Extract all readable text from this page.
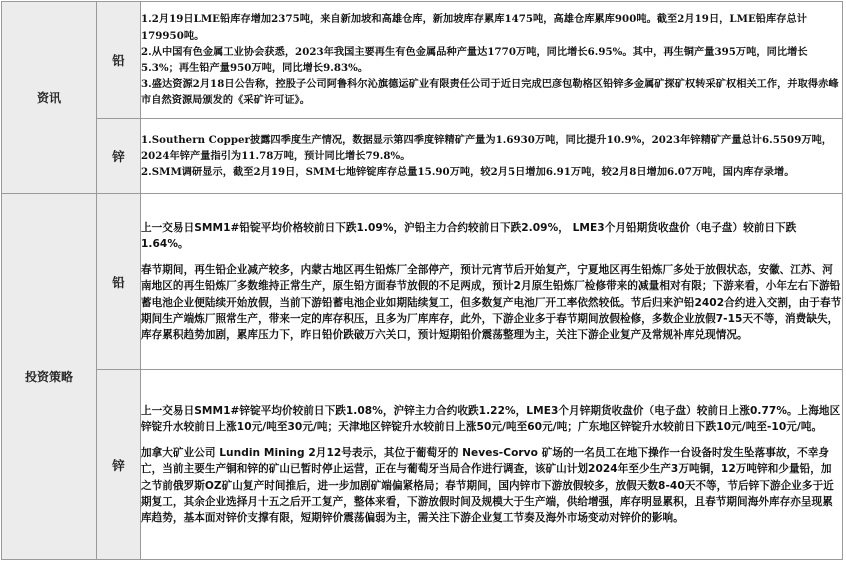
资讯	铅	1.2月19日LME铅库存增加2375吨，来自新加坡和高雄仓库，新加坡库存累库1475吨，高雄仓库累库900吨。截至2月19日，LME铅库存总计179950吨。

2.从中国有色金属工业协会获悉，2023年我国主要再生有色金属品种产量达1770万吨，同比增长6.95%。其中，再生铜产量395万吨，同比增长5.3%；再生铅产量950万吨，同比增长9.83%。

3.盛达资源2月18日公告称，控股子公司阿鲁科尔沁旗德运矿业有限责任公司于近日完成巴彦包勒格区铅锌多金属矿探矿权转采矿权相关工作，并取得赤峰市自然资源局颁发的《采矿许可证》。

	锌	1.Southern Copper披露四季度生产情况，数据显示第四季度锌精矿产量为1.6930万吨，同比提升10.9%，2023年锌精矿产量总计6.5509万吨，2024年锌产量指引为11.78万吨，预计同比增长79.8%。

2.SMM调研显示，截至2月19日，SMM七地锌锭库存总量15.90万吨，较2月5日增加6.91万吨，较2月8日增加6.07万吨，国内库存录增。

投资策略	铅	上一交易日SMM1#铅锭平均价格较前日下跌1.09%，沪铅主力合约较前日下跌2.09%， LME3个月铅期货收盘价（电子盘）较前日下跌1.64%。

春节期间，再生铅企业减产较多，内蒙古地区再生铅炼厂全部停产，预计元宵节后开始复产，宁夏地区再生铅炼厂多处于放假状态，安徽、江苏、河南地区的再生铅炼厂多数维持正常生产，原生铅方面春节放假的不足两成，预计2月原生铅炼厂检修带来的减量相对有限；下游来看，小年左右下游铅蓄电池企业便陆续开始放假，当前下游铅蓄电池企业如期陆续复工，但多数复产电池厂开工率依然较低。节后归来沪铅2402合约进入交割，由于春节期间生产端炼厂照常生产，带来一定的库存积压，且多为厂库库存，此外，下游企业多于春节期间放假检修，多数企业放假7-15天不等，消费缺失，库存累积趋势加剧，累库压力下，昨日铅价跌破万六关口，预计短期铅价震荡整理为主，关注下游企业复产及常规补库兑现情况。

	锌	上一交易日SMM1#锌锭平均价较前日下跌1.08%，沪锌主力合约收跌1.22%，LME3个月锌期货收盘价（电子盘）较前日上涨0.77%。上海地区锌锭升水较前日上涨10元/吨至30元/吨；天津地区锌锭升水较前日上涨50元/吨至60元/吨；广东地区锌锭升水较前日下跌10元/吨至-10元/吨。

加拿大矿业公司 Lundin Mining 2月12号表示，其位于葡萄牙的 Neves-Corvo 矿场的一名员工在地下操作一台设备时发生坠落事故，不幸身亡，当前主要生产铜和锌的矿山已暂时停止运营，正在与葡萄牙当局合作进行调查，该矿山计划2024年至少生产3万吨铜，12万吨锌和少量铅，加之节前俄罗斯OZ矿山复产时间推后，进一步加剧矿端偏紧格局；春节期间，国内锌市下游放假较多，放假天数8-40天不等，节后锌下游企业多于近期复工，其余企业选择月十五之后开工复产，整体来看，下游放假时间及规模大于生产端，供给增强，库存明显累积，且春节期间海外库存亦呈现累库趋势，基本面对锌价支撑有限，短期锌价震荡偏弱为主，需关注下游企业复工节奏及海外市场变动对锌价的影响。
